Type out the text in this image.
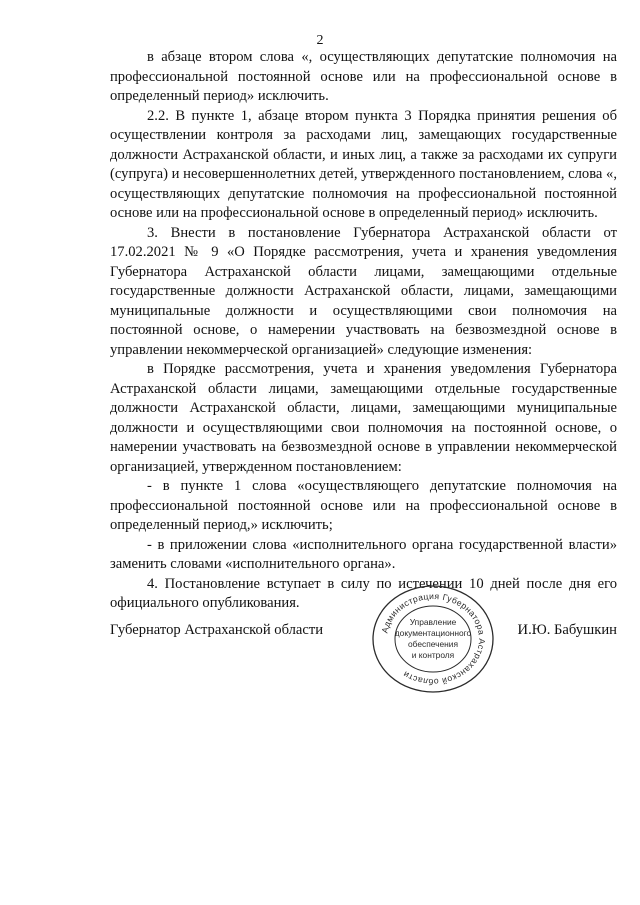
2

в абзаце втором слова «, осуществляющих депутатские полномочия на профессиональной постоянной основе или на профессиональной основе в определенный период» исключить.

2.2. В пункте 1, абзаце втором пункта 3 Порядка принятия решения об осуществлении контроля за расходами лиц, замещающих государственные должности Астраханской области, и иных лиц, а также за расходами их супруги (супруга) и несовершеннолетних детей, утвержденного постановлением, слова «, осуществляющих депутатские полномочия на профессиональной постоянной основе или на профессиональной основе в определенный период» исключить.

3. Внести в постановление Губернатора Астраханской области от 17.02.2021 № 9 «О Порядке рассмотрения, учета и хранения уведомления Губернатора Астраханской области лицами, замещающими отдельные государственные должности Астраханской области, лицами, замещающими муниципальные должности и осуществляющими свои полномочия на постоянной основе, о намерении участвовать на безвозмездной основе в управлении некоммерческой организацией» следующие изменения:

в Порядке рассмотрения, учета и хранения уведомления Губернатора Астраханской области лицами, замещающими отдельные государственные должности Астраханской области, лицами, замещающими муниципальные должности и осуществляющими свои полномочия на постоянной основе, о намерении участвовать на безвозмездной основе в управлении некоммерческой организацией, утвержденном постановлением:

- в пункте 1 слова «осуществляющего депутатские полномочия на профессиональной постоянной основе или на профессиональной основе в определенный период,» исключить;

- в приложении слова «исполнительного органа государственной власти» заменить словами «исполнительного органа».

4. Постановление вступает в силу по истечении 10 дней после дня его официального опубликования.

Администрация Губернатора Астраханской области
Управление
документационного
обеспечения
и контроля
Губернатор Астраханской области	И.Ю. Бабушкин
